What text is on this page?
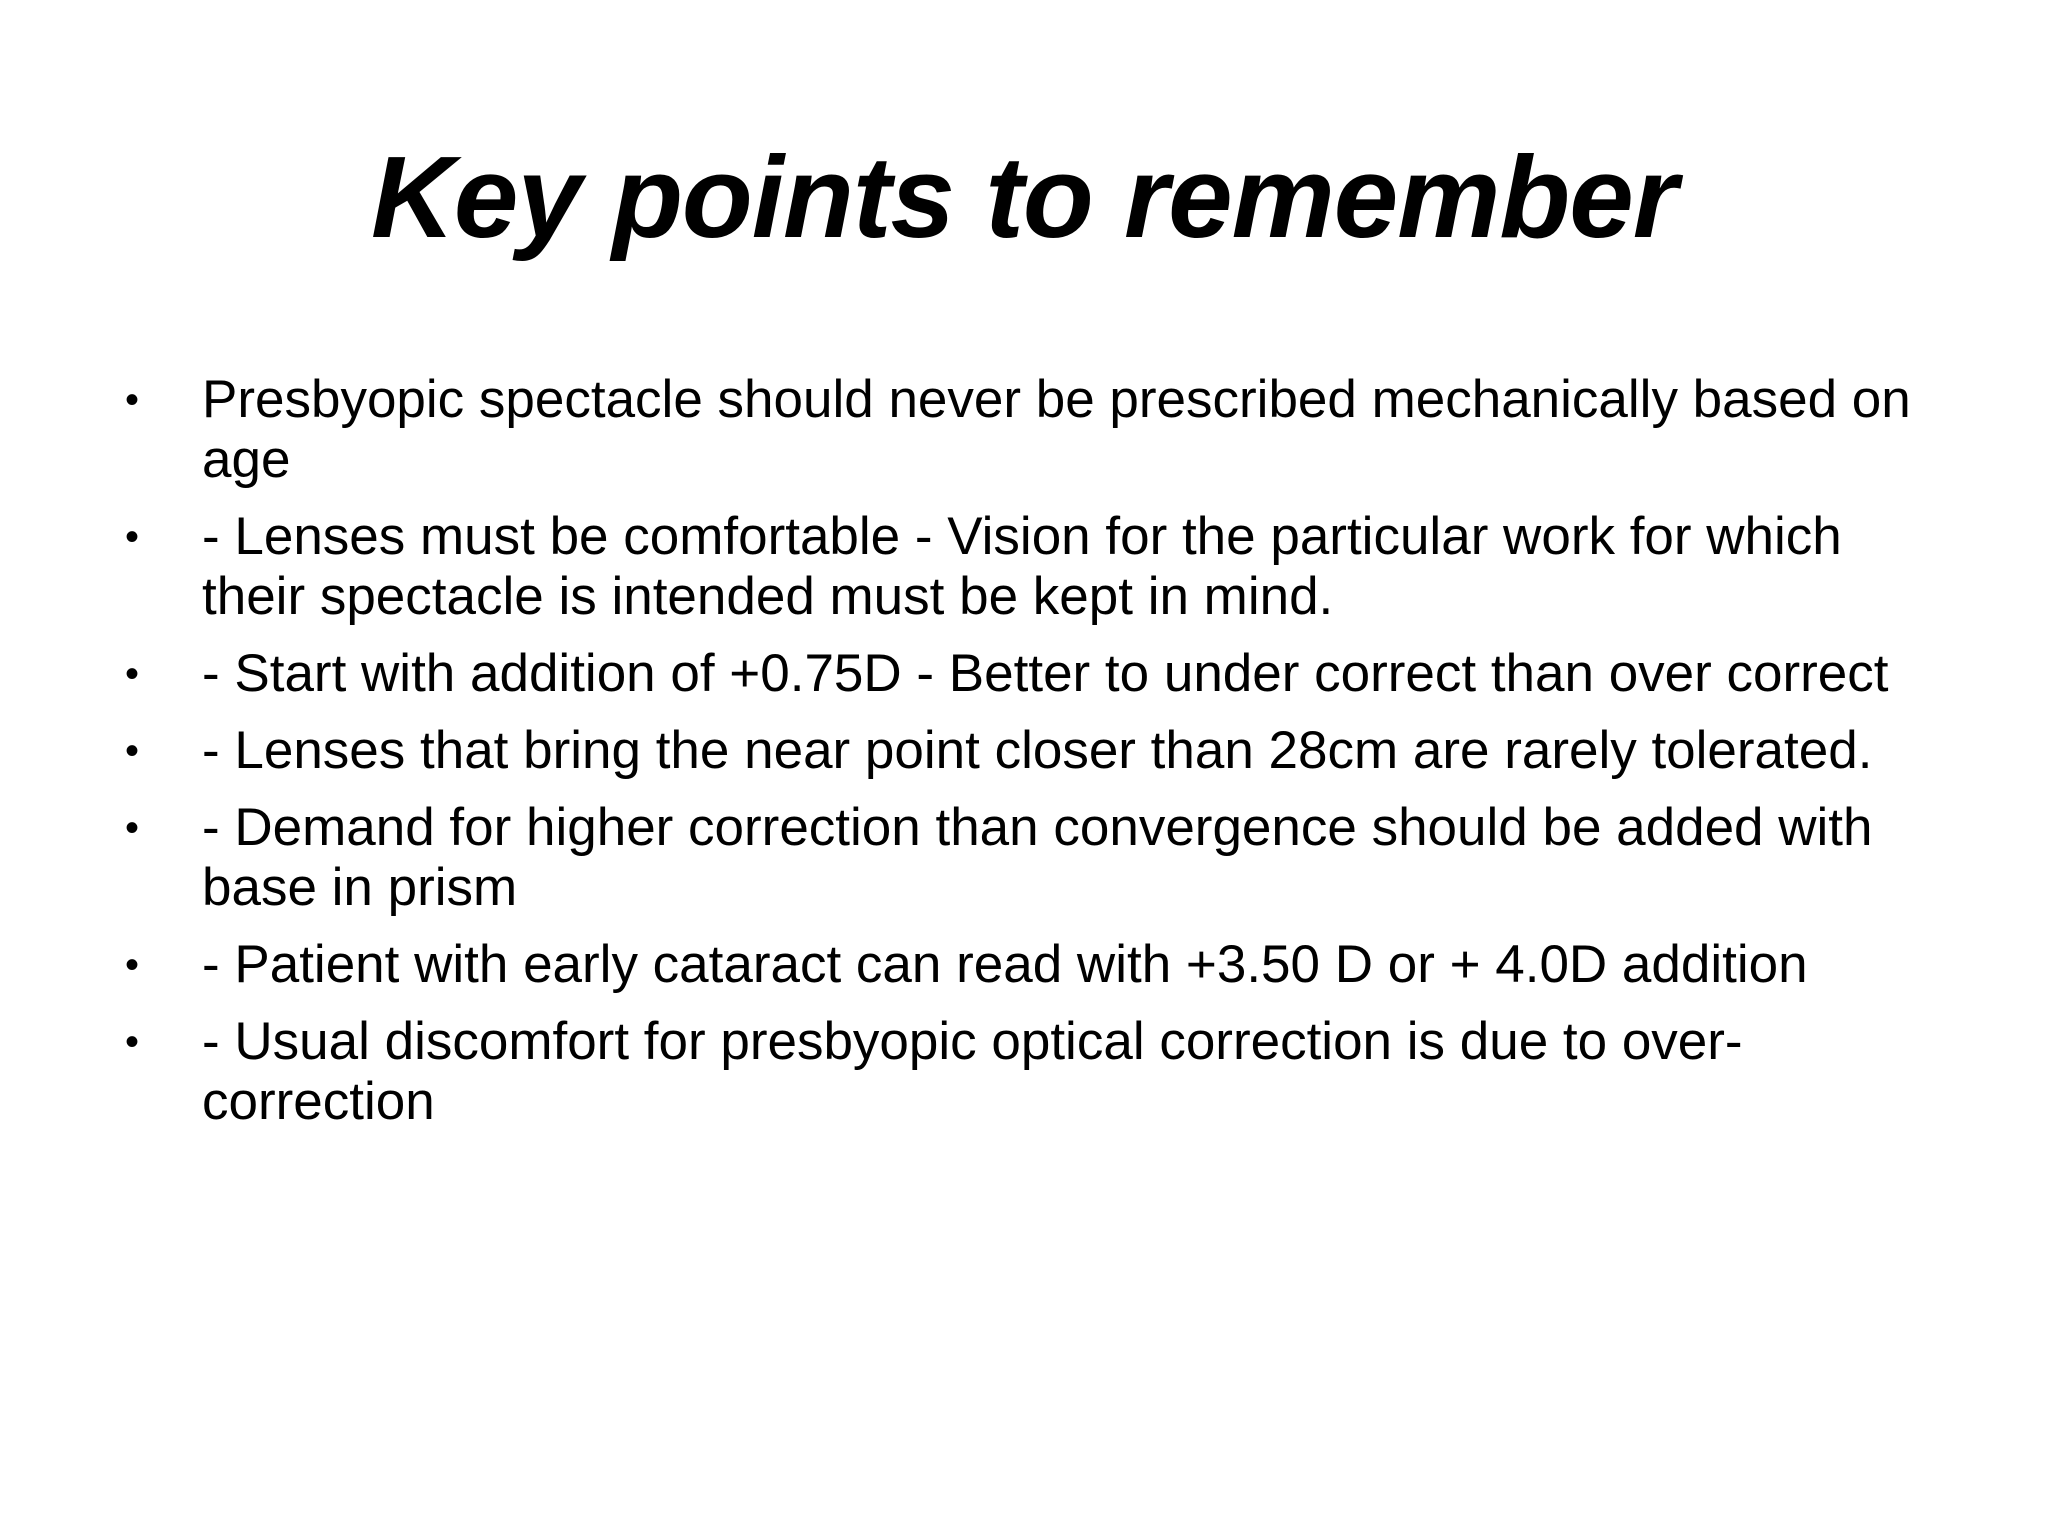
Key points to remember
•	Presbyopic spectacle should never be prescribed mechanically based on age
•	- Lenses must be comfortable - Vision for the particular work for which their spectacle is intended must be kept in mind.
•	- Start with addition of +0.75D - Better to under correct than over correct
•	- Lenses that bring the near point closer than 28cm are rarely tolerated.
•	- Demand for higher correction than convergence should be added with base in prism
•	- Patient with early cataract can read with +3.50 D or + 4.0D addition
•	- Usual discomfort for presbyopic optical correction is due to over-correction
